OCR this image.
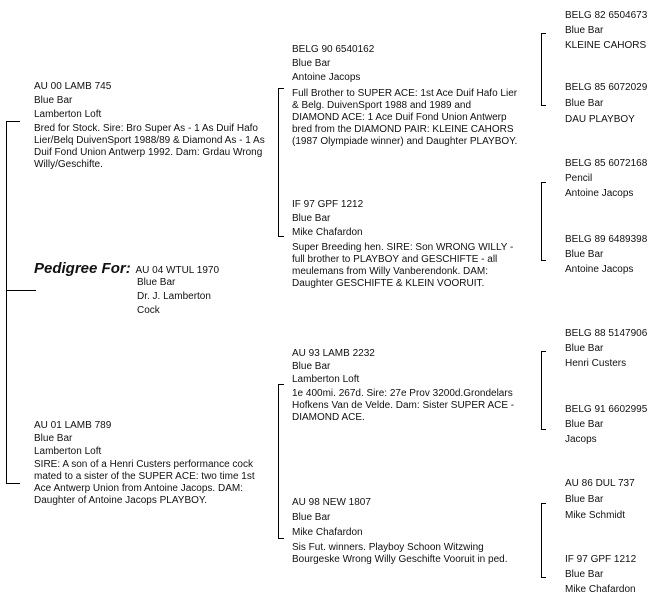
AU 00 LAMB 745
Blue Bar
Lamberton Loft
Bred for Stock. Sire: Bro Super As - 1 As Duif Hafo Lier/Belq DuivenSport 1988/89 & Diamond As - 1 As Duif Fond Union Antwerp 1992. Dam: Grdau Wrong Willy/Geschifte.
Pedigree For: AU 04 WTUL 1970
Blue Bar
Dr. J. Lamberton
Cock
AU 01 LAMB 789
Blue Bar
Lamberton Loft
SIRE: A son of a Henri Custers performance cock mated to a sister of the SUPER ACE: two time 1st Ace Antwerp Union from Antoine Jacops. DAM: Daughter of Antoine Jacops PLAYBOY.
BELG 90 6540162
Blue Bar
Antoine Jacops
Full Brother to SUPER ACE: 1st Ace Duif Hafo Lier & Belg. DuivenSport 1988 and 1989 and DIAMOND ACE: 1 Ace Duif Fond Union Antwerp bred from the DIAMOND PAIR: KLEINE CAHORS (1987 Olympiade winner) and Daughter PLAYBOY.
IF 97 GPF 1212
Blue Bar
Mike Chafardon
Super Breeding hen. SIRE: Son WRONG WILLY - full brother to PLAYBOY and GESCHIFTE - all meulemans from Willy Vanberendonk. DAM: Daughter GESCHIFTE & KLEIN VOORUIT.
AU 93 LAMB 2232
Blue Bar
Lamberton Loft
1e 400mi. 267d. Sire: 27e Prov 3200d.Grondelars Hofkens Van de Velde. Dam: Sister SUPER ACE - DIAMOND ACE.
AU 98 NEW 1807
Blue Bar
Mike Chafardon
Sis Fut. winners. Playboy Schoon Witzwing Bourgeske Wrong Willy Geschifte Vooruit in ped.
BELG 82 6504673
Blue Bar
KLEINE CAHORS
BELG 85 6072029
Blue Bar
DAU PLAYBOY
BELG 85 6072168
Pencil
Antoine Jacops
BELG 89 6489398
Blue Bar
Antoine Jacops
BELG 88 5147906
Blue Bar
Henri Custers
BELG 91 6602995
Blue Bar
Jacops
AU 86 DUL 737
Blue Bar
Mike Schmidt
IF 97 GPF 1212
Blue Bar
Mike Chafardon
